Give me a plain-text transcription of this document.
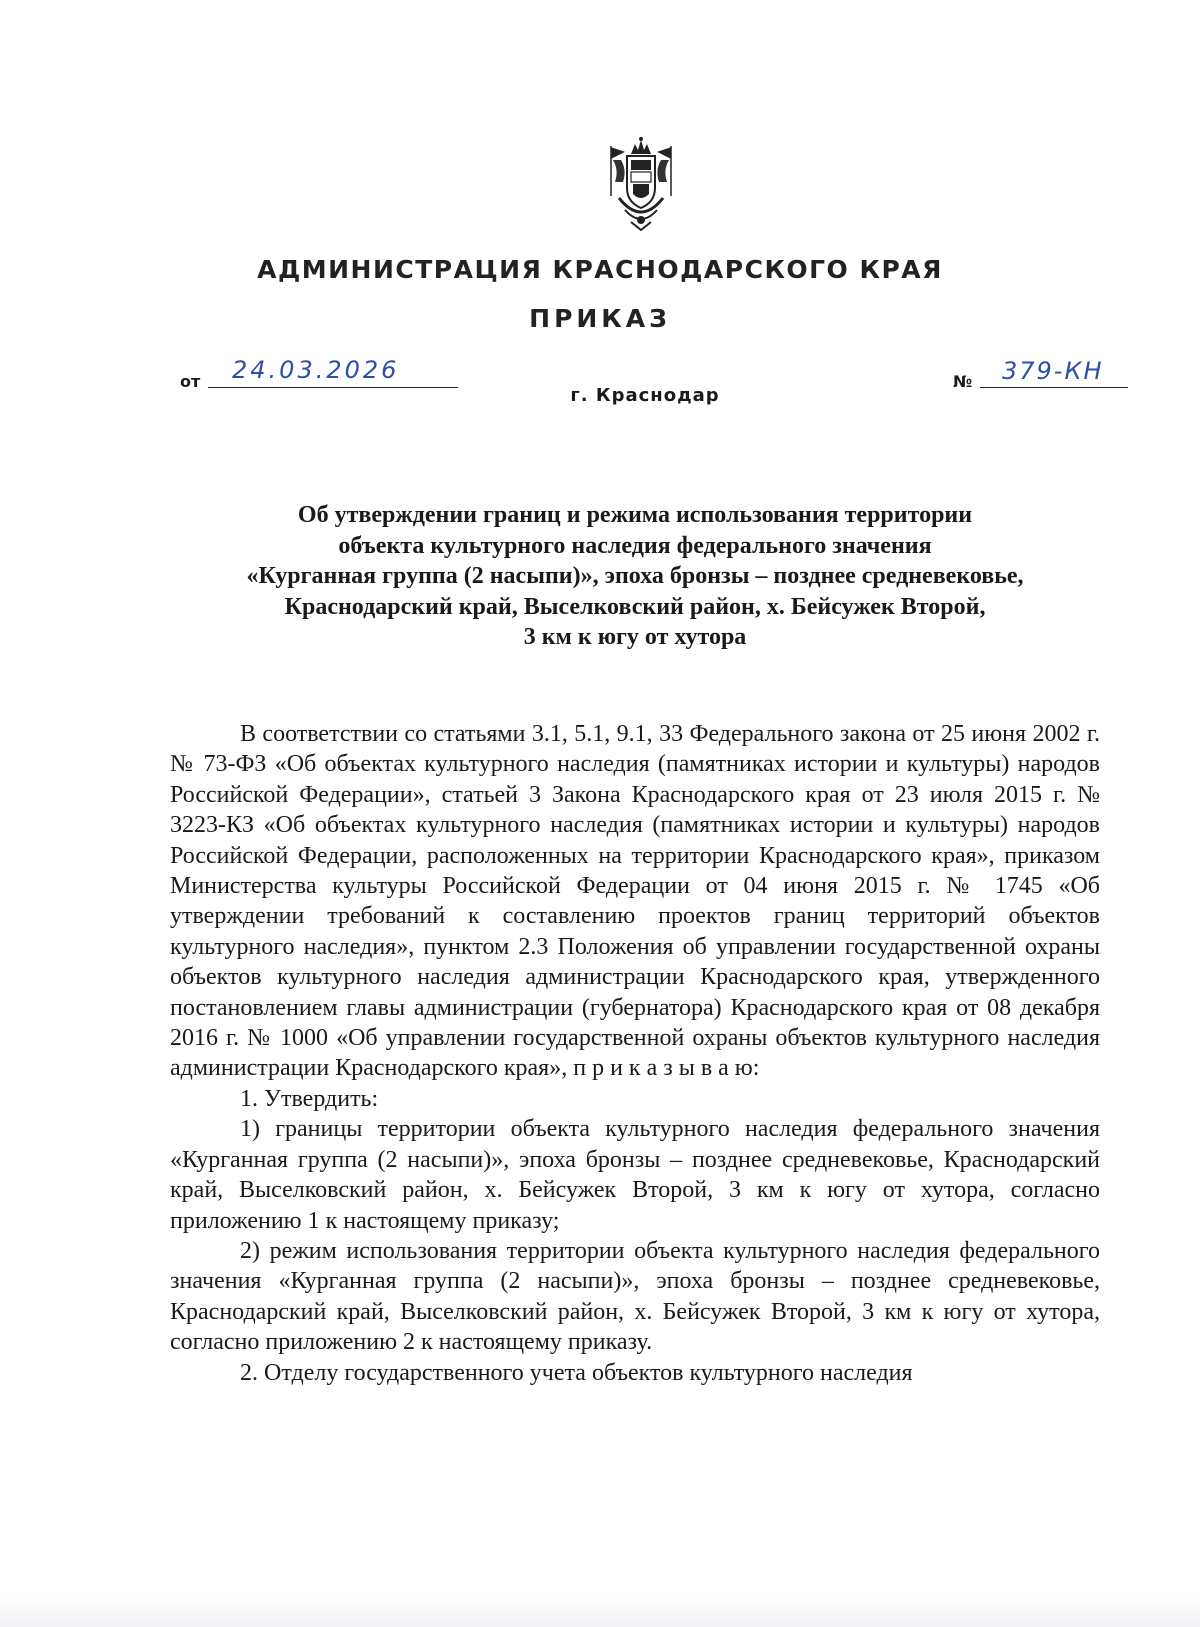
АДМИНИСТРАЦИЯ КРАСНОДАРСКОГО КРАЯ
ПРИКАЗ
от 24.03.2026
г. Краснодар
№ 379-КН
Об утверждении границ и режима использования территории
объекта культурного наследия федерального значения
«Курганная группа (2 насыпи)», эпоха бронзы – позднее средневековье,
Краснодарский край, Выселковский район, х. Бейсужек Второй,
3 км к югу от хутора

В соответствии со статьями 3.1, 5.1, 9.1, 33 Федерального закона от 25 июня 2002 г. № 73-ФЗ «Об объектах культурного наследия (памятниках истории и культуры) народов Российской Федерации», статьей 3 Закона Краснодарского края от 23 июля 2015 г. № 3223-КЗ «Об объектах культурного наследия (памятниках истории и культуры) народов Российской Федерации, расположенных на территории Краснодарского края», приказом Министерства культуры Российской Федерации от 04 июня 2015 г. № 1745 «Об утверждении требований к составлению проектов границ территорий объектов культурного наследия», пунктом 2.3 Положения об управлении государственной охраны объектов культурного наследия администрации Краснодарского края, утвержденного постановлением главы администрации (губернатора) Краснодарского края от 08 декабря 2016 г. № 1000 «Об управлении государственной охраны объектов культурного наследия администрации Краснодарского края», п р и к а з ы в а ю:

1. Утвердить:

1) границы территории объекта культурного наследия федерального значения «Курганная группа (2 насыпи)», эпоха бронзы – позднее средневековье, Краснодарский край, Выселковский район, х. Бейсужек Второй, 3 км к югу от хутора, согласно приложению 1 к настоящему приказу;

2) режим использования территории объекта культурного наследия федерального значения «Курганная группа (2 насыпи)», эпоха бронзы – позднее средневековье, Краснодарский край, Выселковский район, х. Бейсужек Второй, 3 км к югу от хутора, согласно приложению 2 к настоящему приказу.

2. Отделу государственного учета объектов культурного наследия
